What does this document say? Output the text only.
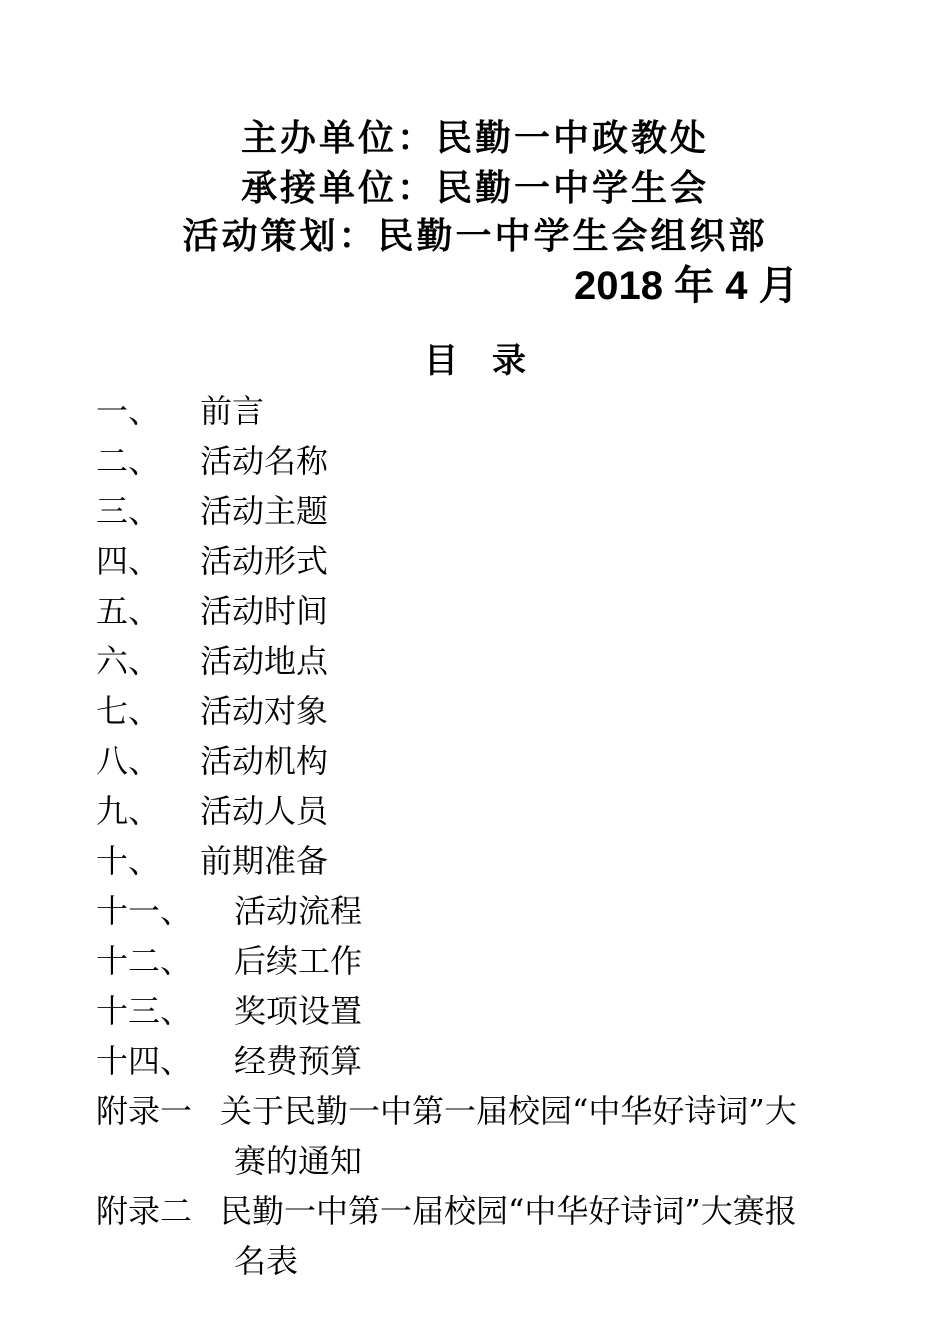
主办单位：民勤一中政教处
承接单位：民勤一中学生会
活动策划：民勤一中学生会组织部
2018 年 4 月
目　录
一、 前言
二、 活动名称
三、 活动主题
四、 活动形式
五、 活动时间
六、 活动地点
七、 活动对象
八、 活动机构
九、 活动人员
十、 前期准备
十一、 活动流程
十二、 后续工作
十三、 奖项设置
十四、 经费预算
附录一 关于民勤一中第一届校园“中华好诗词”大
赛的通知
附录二 民勤一中第一届校园“中华好诗词”大赛报
名表
